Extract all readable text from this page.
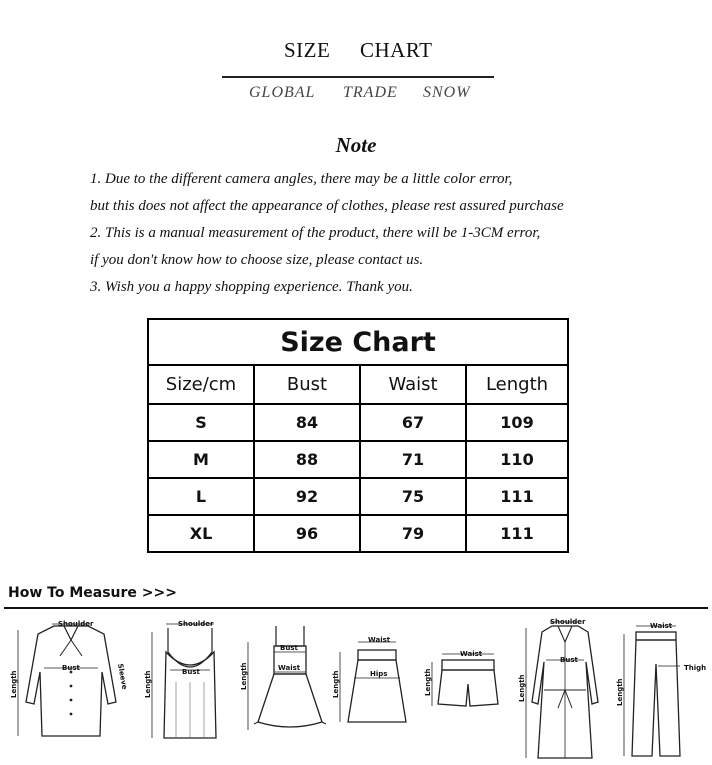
SIZE CHART
GLOBAL TRADE SNOW
Note
1. Due to the different camera angles, there may be a little color error,
but this does not affect the appearance of clothes, please rest assured purchase
2. This is a manual measurement of the product, there will be 1-3CM error,
if you don't know how to choose size, please contact us.
3. Wish you a happy shopping experience. Thank you.
Size Chart			
Size/cm	Bust	Waist	Length
S	84	67	109
M	88	71	110
L	92	75	111
XL	96	79	111
How To Measure >>>
Shoulder
Bust
Length	Sleeve
Shoulder
Bust
Length
Bust
Waist
Length
Waist
Hips
Length
Waist
Length
Shoulder
Bust
Length
Waist
Thigh
Length
